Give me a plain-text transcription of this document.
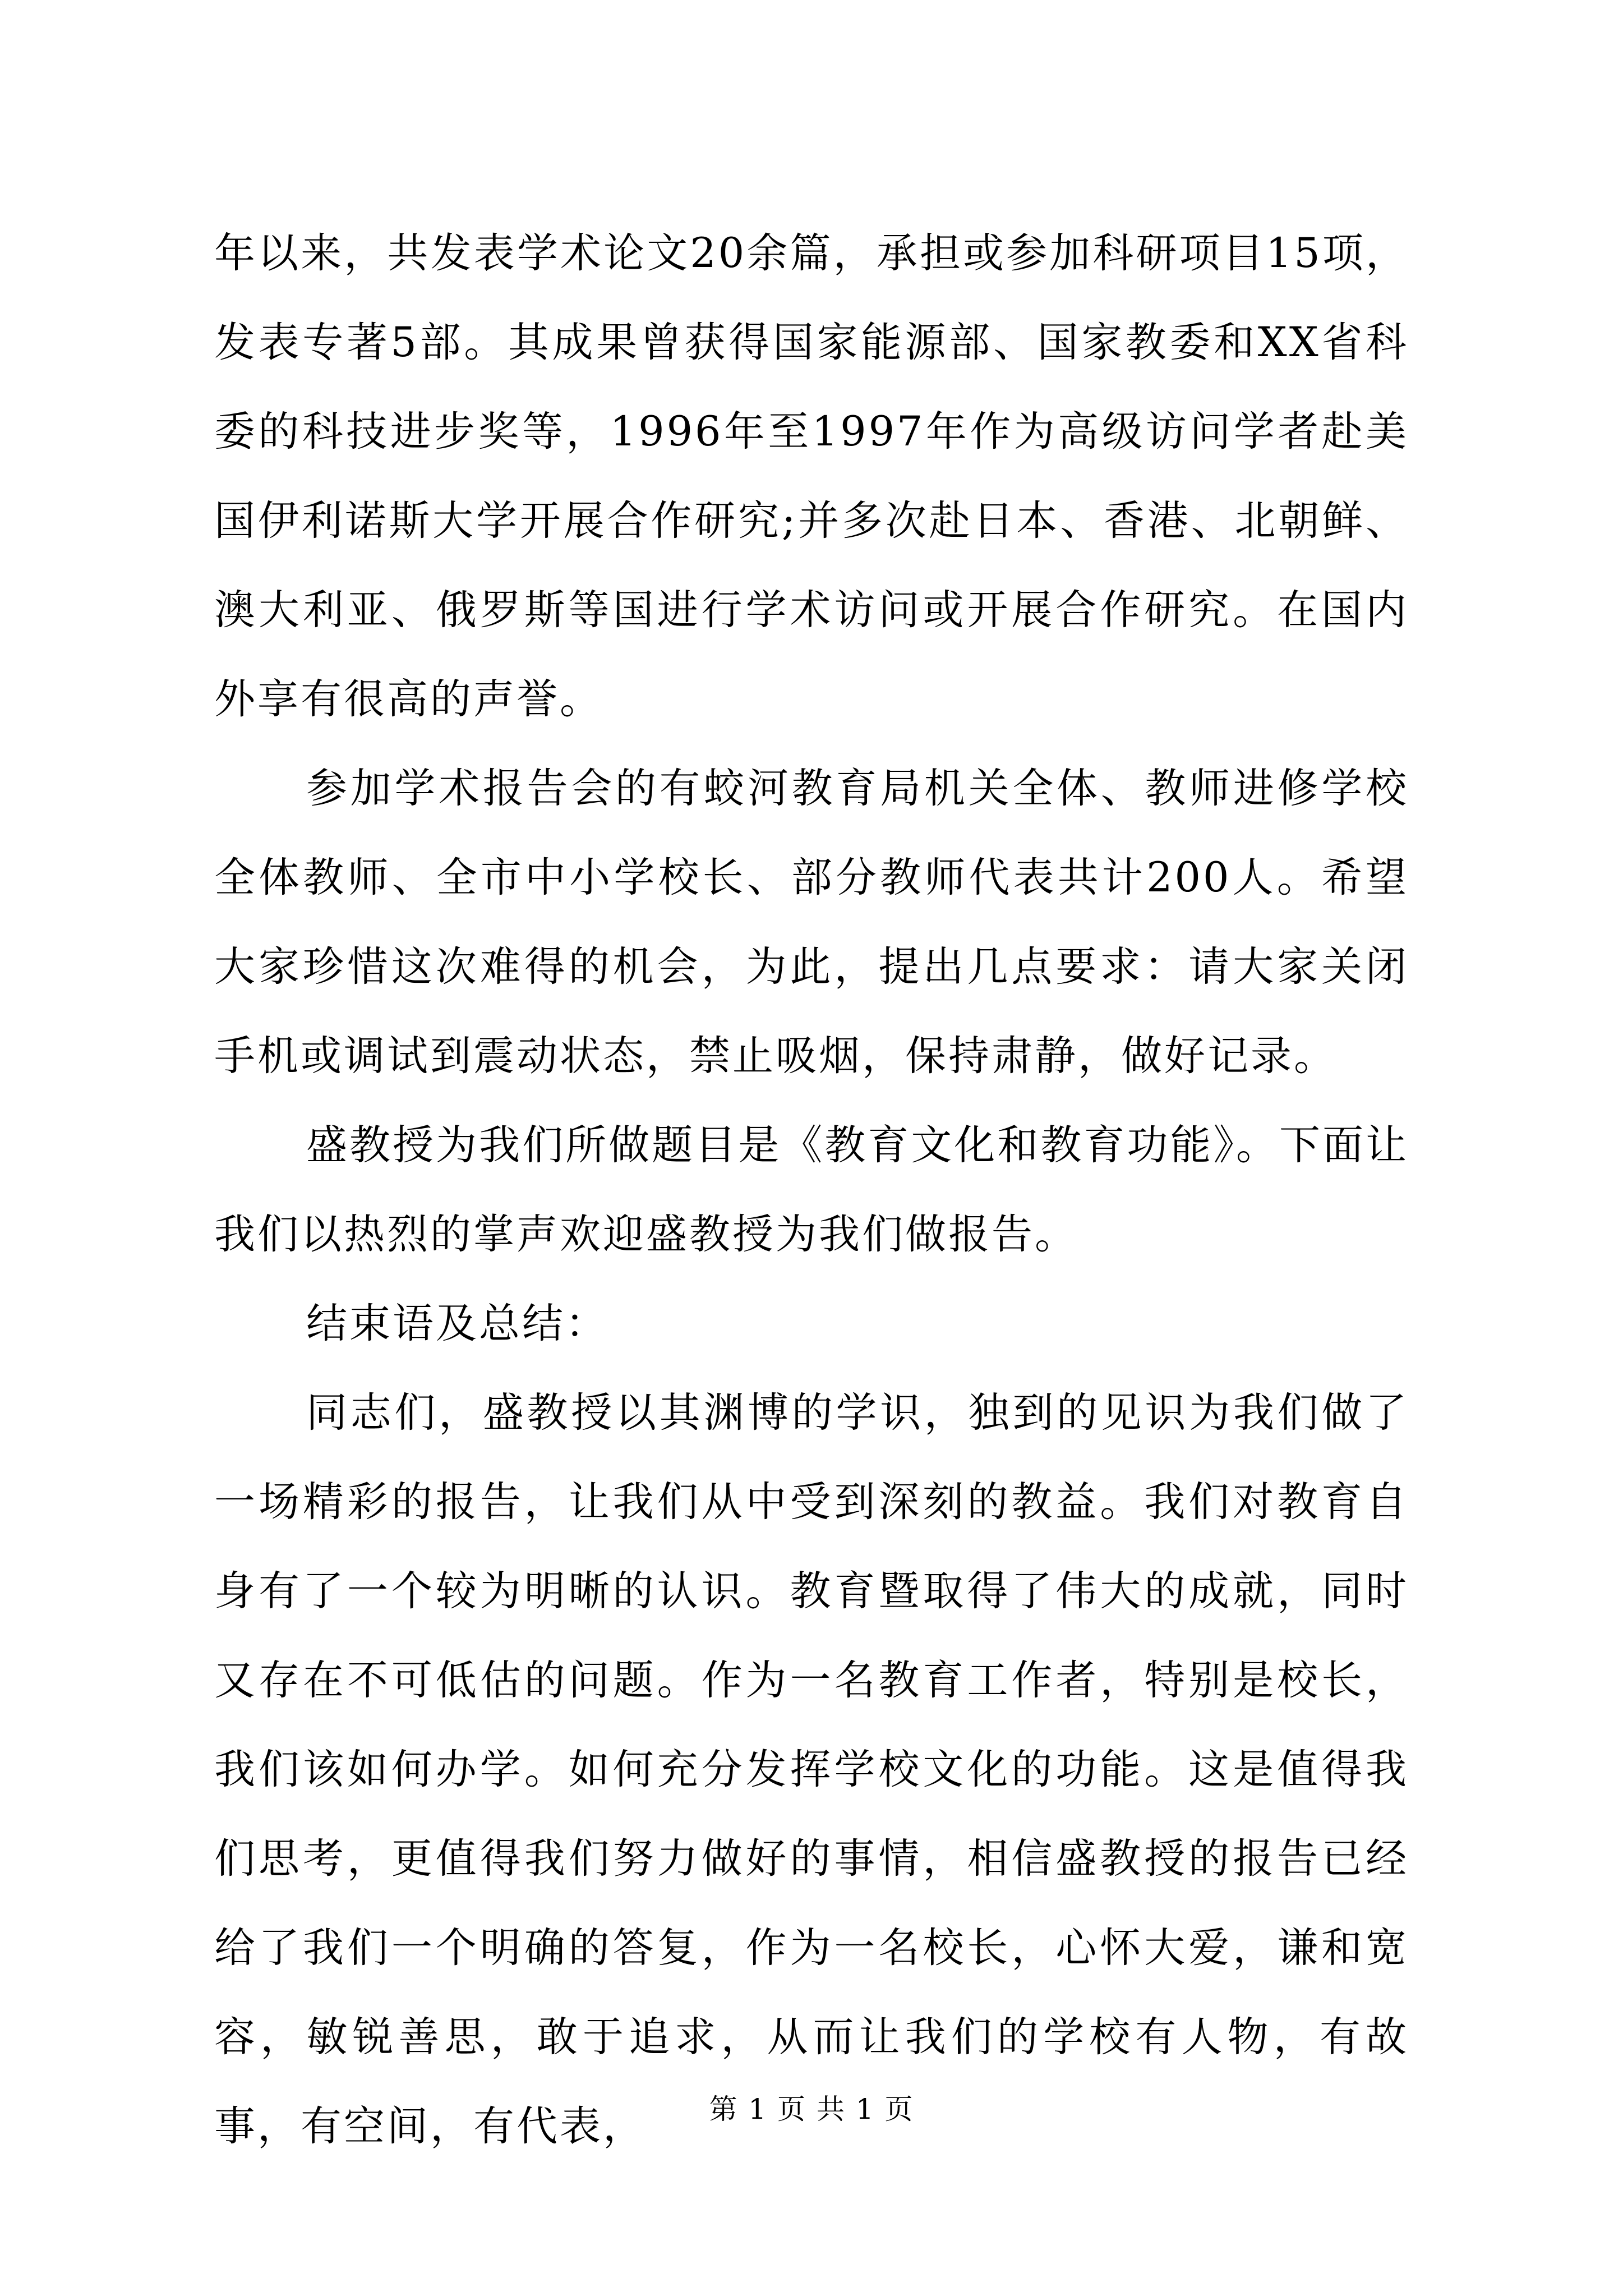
年以来，共发表学术论文20余篇，承担或参加科研项目15项，发表专著5部。其成果曾获得国家能源部、国家教委和XX省科委的科技进步奖等，1996年至1997年作为高级访问学者赴美国伊利诺斯大学开展合作研究;并多次赴日本、香港、北朝鲜、澳大利亚、俄罗斯等国进行学术访问或开展合作研究。在国内外享有很高的声誉。

参加学术报告会的有蛟河教育局机关全体、教师进修学校全体教师、全市中小学校长、部分教师代表共计200人。希望大家珍惜这次难得的机会，为此，提出几点要求：请大家关闭手机或调试到震动状态，禁止吸烟，保持肃静，做好记录。

盛教授为我们所做题目是《教育文化和教育功能》。下面让我们以热烈的掌声欢迎盛教授为我们做报告。

结束语及总结：

同志们，盛教授以其渊博的学识，独到的见识为我们做了一场精彩的报告，让我们从中受到深刻的教益。我们对教育自身有了一个较为明晰的认识。教育暨取得了伟大的成就，同时又存在不可低估的问题。作为一名教育工作者，特别是校长，我们该如何办学。如何充分发挥学校文化的功能。这是值得我们思考，更值得我们努力做好的事情，相信盛教授的报告已经给了我们一个明确的答复，作为一名校长，心怀大爱，谦和宽容，敏锐善思，敢于追求，从而让我们的学校有人物，有故事，有空间，有代表，	第 1 页 共 1 页
